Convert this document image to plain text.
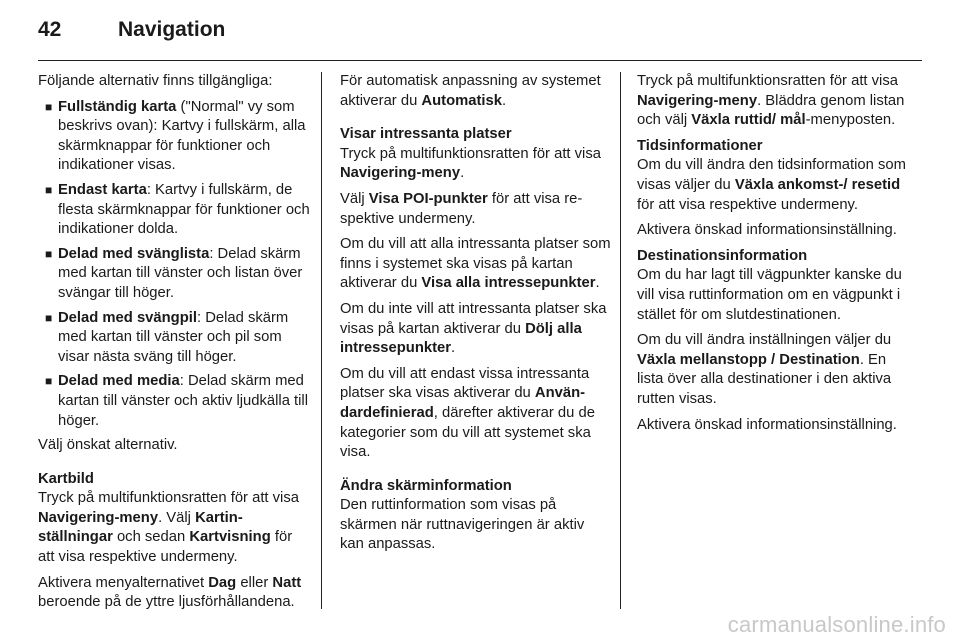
42	Navigation

Följande alternativ finns tillgängliga:

■ Fullständig karta ("Normal" vy som beskrivs ovan): Kartvy i fullskärm, alla skärmknappar för funktioner och indikationer visas.
■ Endast karta: Kartvy i fullskärm, de flesta skärmknappar för funktioner och indikationer dolda.
■ Delad med svänglista: Delad skärm med kartan till vänster och listan över svängar till höger.
■ Delad med svängpil: Delad skärm med kartan till vänster och pil som visar nästa sväng till höger.
■ Delad med media: Delad skärm med kartan till vänster och aktiv ljudkälla till höger.

Välj önskat alternativ.

Kartbild
Tryck på multifunktionsratten för att visa Navigering-meny. Välj Kartinställningar och sedan Kartvisning för att visa respektive undermeny.

Aktivera menyalternativet Dag eller Natt beroende på de yttre ljusförhållandena.

För automatisk anpassning av systemet aktiverar du Automatisk.

Visar intressanta platser
Tryck på multifunktionsratten för att visa Navigering-meny.

Välj Visa POI-punkter för att visa respektive undermeny.

Om du vill att alla intressanta platser som finns i systemet ska visas på kartan aktiverar du Visa alla intressepunkter.

Om du inte vill att intressanta platser ska visas på kartan aktiverar du Dölj alla intressepunkter.

Om du vill att endast vissa intressanta platser ska visas aktiverar du Användardefinierad, därefter aktiverar du de kategorier som du vill att systemet ska visa.

Ändra skärminformation
Den ruttinformation som visas på skärmen när ruttnavigeringen är aktiv kan anpassas.

Tryck på multifunktionsratten för att visa Navigering-meny. Bläddra genom listan och välj Växla ruttid/ mål-menyposten.

Tidsinformationer
Om du vill ändra den tidsinformation som visas väljer du Växla ankomst-/ resetid för att visa respektive undermeny.

Aktivera önskad informationsinställning.

Destinationsinformation
Om du har lagt till vägpunkter kanske du vill visa ruttinformation om en vägpunkt i stället för om slutdestinationen.

Om du vill ändra inställningen väljer du Växla mellanstopp / Destination. En lista över alla destinationer i den aktiva rutten visas.

Aktivera önskad informationsinställning.

carmanualsonline.info
